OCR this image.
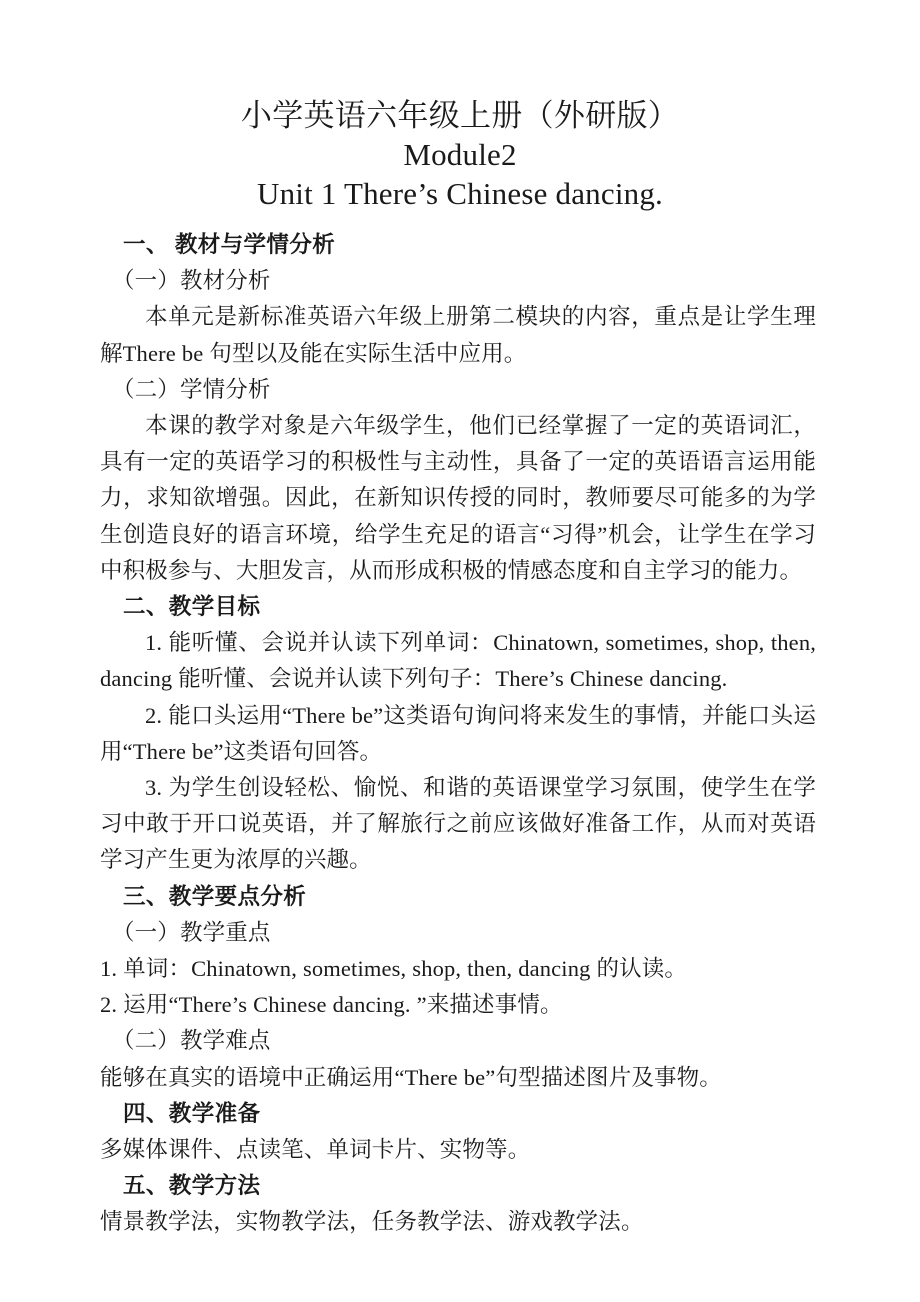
小学英语六年级上册（外研版）
Module2
Unit 1 There’s Chinese dancing.
一、 教材与学情分析
（一）教材分析
本单元是新标准英语六年级上册第二模块的内容，重点是让学生理解There be 句型以及能在实际生活中应用。
（二）学情分析
本课的教学对象是六年级学生，他们已经掌握了一定的英语词汇，具有一定的英语学习的积极性与主动性，具备了一定的英语语言运用能力，求知欲增强。因此，在新知识传授的同时，教师要尽可能多的为学生创造良好的语言环境，给学生充足的语言“习得”机会，让学生在学习中积极参与、大胆发言，从而形成积极的情感态度和自主学习的能力。
二、教学目标
1. 能听懂、会说并认读下列单词：Chinatown, sometimes, shop, then, dancing 能听懂、会说并认读下列句子：There’s Chinese dancing.
2. 能口头运用“There be”这类语句询问将来发生的事情，并能口头运用“There be”这类语句回答。
3. 为学生创设轻松、愉悦、和谐的英语课堂学习氛围，使学生在学习中敢于开口说英语，并了解旅行之前应该做好准备工作，从而对英语学习产生更为浓厚的兴趣。
三、教学要点分析
（一）教学重点
1. 单词：Chinatown, sometimes, shop, then, dancing 的认读。
2. 运用“There’s Chinese dancing. ”来描述事情。
（二）教学难点
能够在真实的语境中正确运用“There be”句型描述图片及事物。
四、教学准备
多媒体课件、点读笔、单词卡片、实物等。
五、教学方法
情景教学法，实物教学法，任务教学法、游戏教学法。
